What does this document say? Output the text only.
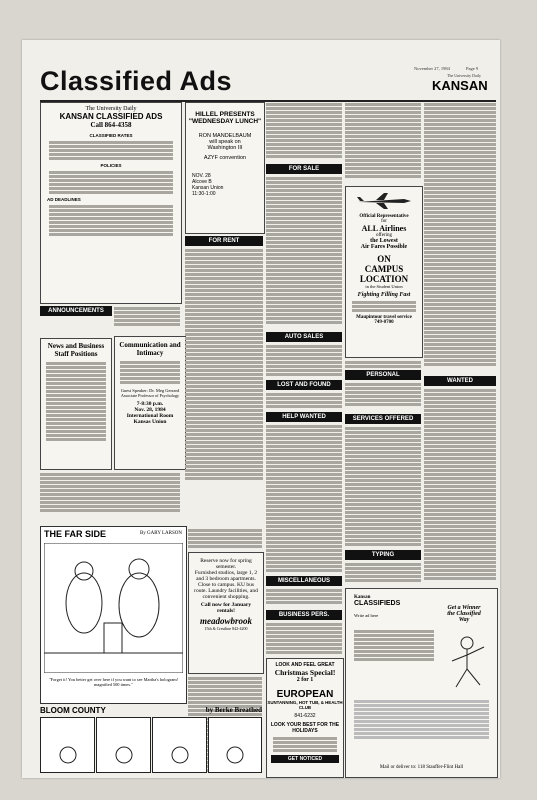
Classified Ads	November 27, 1984	Page 9
The University Daily
KANSAN
The University Daily
KANSAN CLASSIFIED ADS
Call 864-4358
CLASSIFIED RATES
POLICIES
AD DEADLINES
ANNOUNCEMENTS
News and Business Staff Positions
Communication and Intimacy
Guest Speaker: Dr. Meg Gerrard
Associate Professor of Psychology
7-8:30 p.m.
Nov. 28, 1984
International Room
Kansas Union
HILLEL PRESENTS
"WEDNESDAY LUNCH"
RON MANDELBAUM
will speak on
Washington III
AZYF convention
NOV. 28
Alcove B
Kansan Union
11:30-1:00
FOR RENT
FOR SALE
AUTO SALES
LOST AND FOUND
HELP WANTED
MISCELLANEOUS
BUSINESS PERS.
LOOK AND FEEL GREAT
Christmas Special!
2 for 1
EUROPEAN
SUNTANNING, HOT TUB, & HEALTH CLUB
841-6232
LOOK YOUR BEST FOR THE HOLIDAYS
GET NOTICED
Official Representative
for
ALL Airlines
offering
the Lowest
Air Fares Possible
ON
CAMPUS
LOCATION
in the Student Union
Fighting Filling Fast
Maupintour travel service
749-0700
PERSONAL
SERVICES OFFERED
TYPING
WANTED
THE FAR SIDE	By GARY LARSON
"Forget it! You better get over here if you want to see Martha's hologram! magnified 500 times."
Reserve now for spring semester.
Furnished studios, large 1, 2 and 3 bedroom apartments.
Close to campus. KU bus route. Laundry facilities, and convenient shopping.
Call now for January rentals!
meadowbrook
15th & Crestline 842-4200
BLOOM COUNTY	by Berke Breathed
Kansan
CLASSIFIEDS
Write ad here
Get a Winner the Classified Way
Mail or deliver to: 118 Stauffer-Flint Hall
